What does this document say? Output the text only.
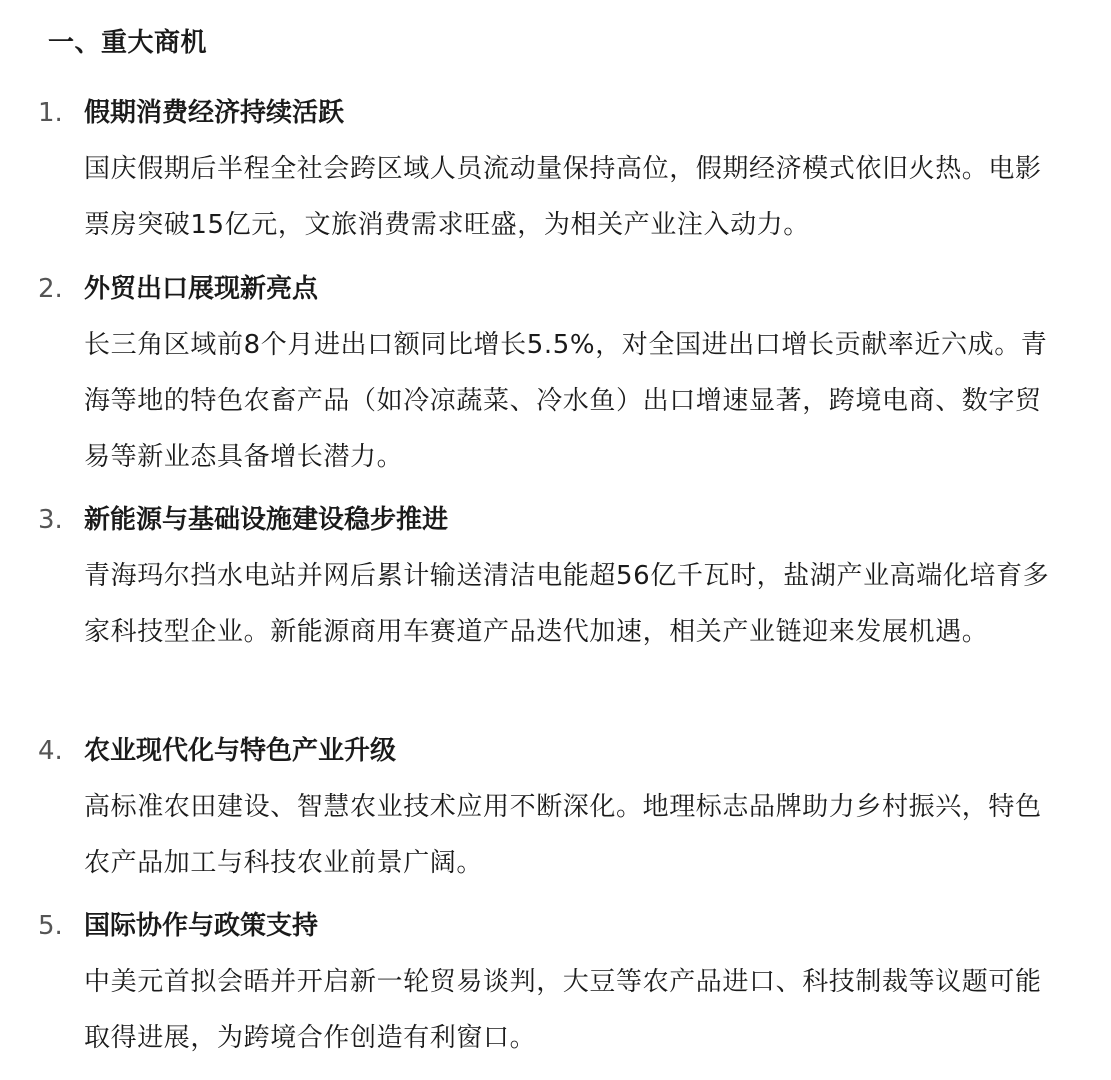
一、重大商机
1. 假期消费经济持续活跃
国庆假期后半程全社会跨区域人员流动量保持高位，假期经济模式依旧火热。电影票房突破15亿元，文旅消费需求旺盛，为相关产业注入动力。
2. 外贸出口展现新亮点
长三角区域前8个月进出口额同比增长5.5%，对全国进出口增长贡献率近六成。青海等地的特色农畜产品（如冷凉蔬菜、冷水鱼）出口增速显著，跨境电商、数字贸易等新业态具备增长潜力。
3. 新能源与基础设施建设稳步推进
青海玛尔挡水电站并网后累计输送清洁电能超56亿千瓦时，盐湖产业高端化培育多家科技型企业。新能源商用车赛道产品迭代加速，相关产业链迎来发展机遇。
4. 农业现代化与特色产业升级
高标准农田建设、智慧农业技术应用不断深化。地理标志品牌助力乡村振兴，特色农产品加工与科技农业前景广阔。
5. 国际协作与政策支持
中美元首拟会晤并开启新一轮贸易谈判，大豆等农产品进口、科技制裁等议题可能取得进展，为跨境合作创造有利窗口。
